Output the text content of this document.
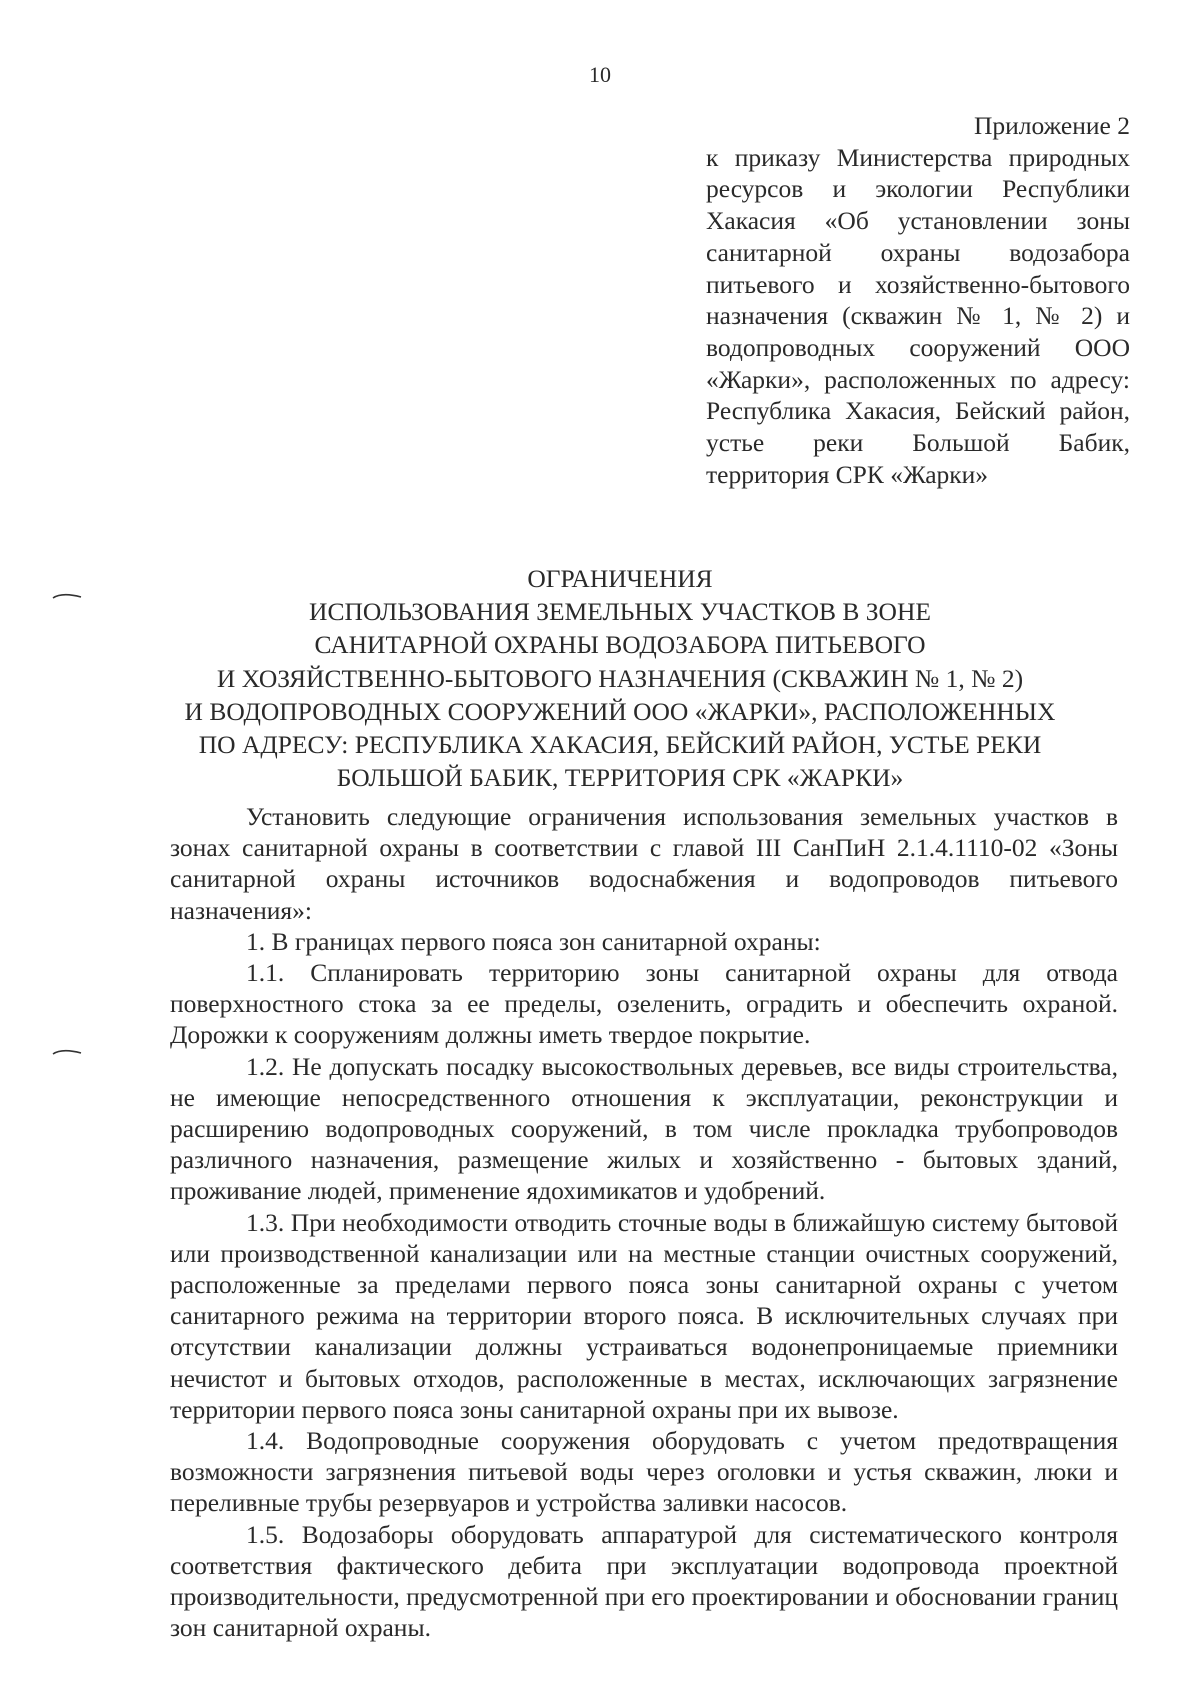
10
Приложение 2
к приказу Министерства природных ресурсов и экологии Республики Хакасия «Об установлении зоны санитарной охраны водозабора питьевого и хозяйственно-бытового назначения (скважин № 1, № 2) и водопроводных сооружений ООО «Жарки», расположенных по адресу: Республика Хакасия, Бейский район, устье реки Большой Бабик, территория СРК «Жарки»
ОГРАНИЧЕНИЯ
ИСПОЛЬЗОВАНИЯ ЗЕМЕЛЬНЫХ УЧАСТКОВ В ЗОНЕ
САНИТАРНОЙ ОХРАНЫ ВОДОЗАБОРА ПИТЬЕВОГО
И ХОЗЯЙСТВЕННО-БЫТОВОГО НАЗНАЧЕНИЯ (СКВАЖИН № 1, № 2)
И ВОДОПРОВОДНЫХ СООРУЖЕНИЙ ООО «ЖАРКИ», РАСПОЛОЖЕННЫХ
ПО АДРЕСУ: РЕСПУБЛИКА ХАКАСИЯ, БЕЙСКИЙ РАЙОН, УСТЬЕ РЕКИ
БОЛЬШОЙ БАБИК, ТЕРРИТОРИЯ СРК «ЖАРКИ»

Установить следующие ограничения использования земельных участков в зонах санитарной охраны в соответствии с главой III СанПиН 2.1.4.1110-02 «Зоны санитарной охраны источников водоснабжения и водопроводов питьевого назначения»:

1. В границах первого пояса зон санитарной охраны:

1.1. Спланировать территорию зоны санитарной охраны для отвода поверхностного стока за ее пределы, озеленить, оградить и обеспечить охраной. Дорожки к сооружениям должны иметь твердое покрытие.

1.2. Не допускать посадку высокоствольных деревьев, все виды строительства, не имеющие непосредственного отношения к эксплуатации, реконструкции и расширению водопроводных сооружений, в том числе прокладка трубопроводов различного назначения, размещение жилых и хозяйственно - бытовых зданий, проживание людей, применение ядохимикатов и удобрений.

1.3. При необходимости отводить сточные воды в ближайшую систему бытовой или производственной канализации или на местные станции очистных сооружений, расположенные за пределами первого пояса зоны санитарной охраны с учетом санитарного режима на территории второго пояса. В исключительных случаях при отсутствии канализации должны устраиваться водонепроницаемые приемники нечистот и бытовых отходов, расположенные в местах, исключающих загрязнение территории первого пояса зоны санитарной охраны при их вывозе.

1.4. Водопроводные сооружения оборудовать с учетом предотвращения возможности загрязнения питьевой воды через оголовки и устья скважин, люки и переливные трубы резервуаров и устройства заливки насосов.

1.5. Водозаборы оборудовать аппаратурой для систематического контроля соответствия фактического дебита при эксплуатации водопровода проектной производительности, предусмотренной при его проектировании и обосновании границ зон санитарной охраны.
